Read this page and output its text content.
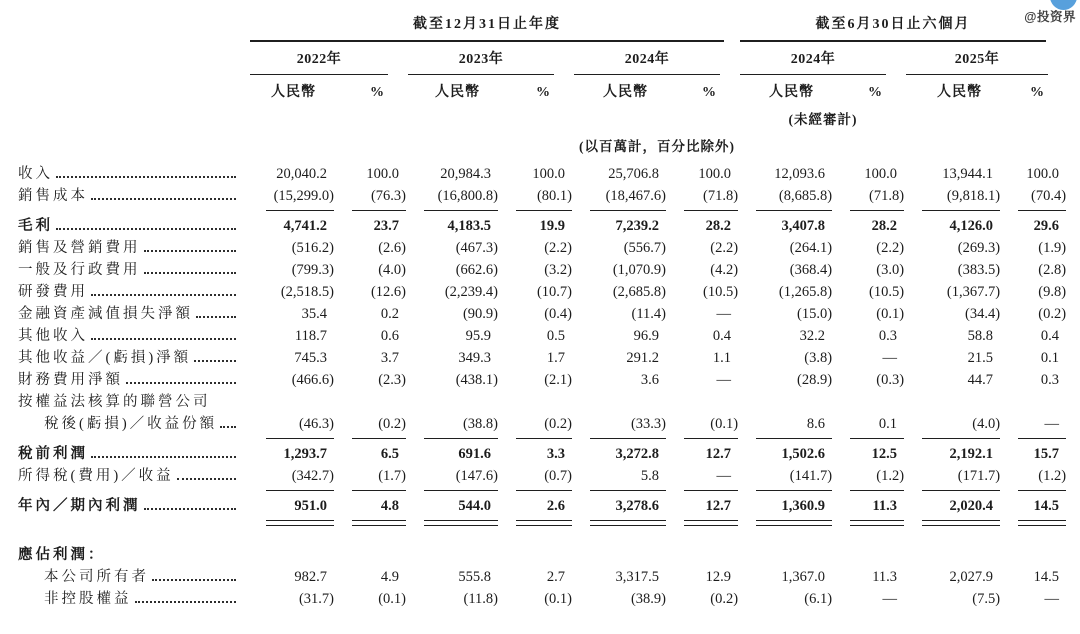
@投资界

	截至12月31日止年度						截至6月30日止六個月			

	2022年		2023年		2024年		2024年		2025年	

	人民幣	%	人民幣	%	人民幣	%	人民幣	%	人民幣	%
							(未經審計)			
					(以百萬計，百分比除外)					

收入	20,040.2	100.0	20,984.3	100.0	25,706.8	100.0	12,093.6	100.0	13,944.1	100.0

銷售成本	(15,299.0)	(76.3)	(16,800.8)	(80.1)	(18,467.6)	(71.8)	(8,685.8)	(71.8)	(9,818.1)	(70.4)

毛利	4,741.2	23.7	4,183.5	19.9	7,239.2	28.2	3,407.8	28.2	4,126.0	29.6

銷售及營銷費用	(516.2)	(2.6)	(467.3)	(2.2)	(556.7)	(2.2)	(264.1)	(2.2)	(269.3)	(1.9)

一般及行政費用	(799.3)	(4.0)	(662.6)	(3.2)	(1,070.9)	(4.2)	(368.4)	(3.0)	(383.5)	(2.8)

研發費用	(2,518.5)	(12.6)	(2,239.4)	(10.7)	(2,685.8)	(10.5)	(1,265.8)	(10.5)	(1,367.7)	(9.8)

金融資產減值損失淨額	35.4	0.2	(90.9)	(0.4)	(11.4)	—	(15.0)	(0.1)	(34.4)	(0.2)

其他收入	118.7	0.6	95.9	0.5	96.9	0.4	32.2	0.3	58.8	0.4

其他收益／(虧損)淨額	745.3	3.7	349.3	1.7	291.2	1.1	(3.8)	—	21.5	0.1

財務費用淨額	(466.6)	(2.3)	(438.1)	(2.1)	3.6	—	(28.9)	(0.3)	44.7	0.3

按權益法核算的聯營公司										

稅後(虧損)／收益份額	(46.3)	(0.2)	(38.8)	(0.2)	(33.3)	(0.1)	8.6	0.1	(4.0)	—

稅前利潤	1,293.7	6.5	691.6	3.3	3,272.8	12.7	1,502.6	12.5	2,192.1	15.7

所得稅(費用)／收益	(342.7)	(1.7)	(147.6)	(0.7)	5.8	—	(141.7)	(1.2)	(171.7)	(1.2)

年內／期內利潤	951.0	4.8	544.0	2.6	3,278.6	12.7	1,360.9	11.3	2,020.4	14.5

應佔利潤：										

本公司所有者	982.7	4.9	555.8	2.7	3,317.5	12.9	1,367.0	11.3	2,027.9	14.5

非控股權益	(31.7)	(0.1)	(11.8)	(0.1)	(38.9)	(0.2)	(6.1)	—	(7.5)	—
